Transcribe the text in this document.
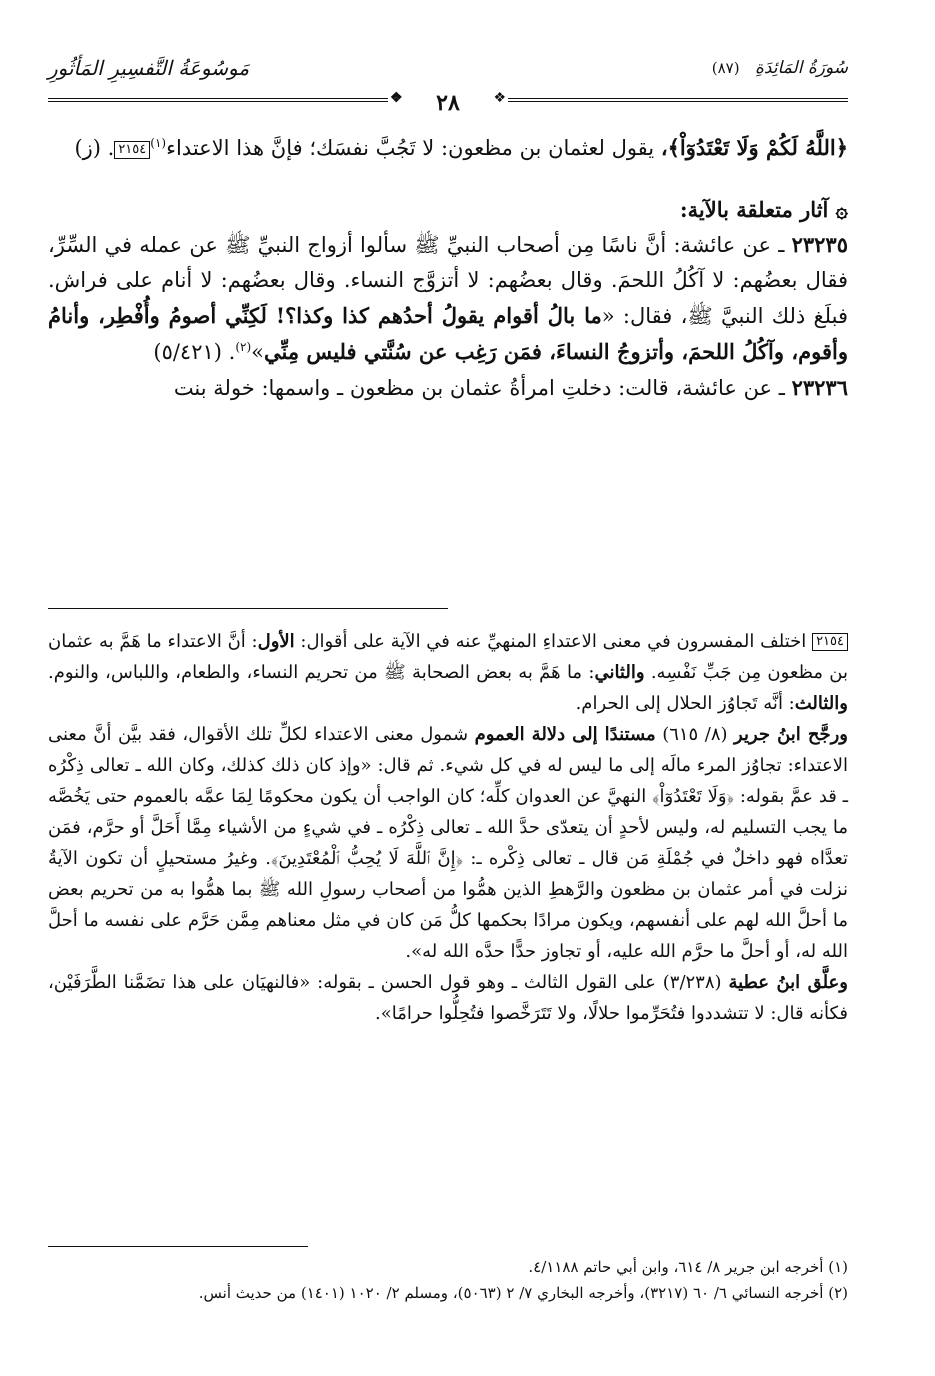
سُورَةُ المَائِدَةِ (٨٧)
مَوسُوعَةُ التَّفسِيرِ المَأثُورِ
❖
٢٨
❖

﴿اللَّهُ لَكُمْ وَلَا تَعْتَدُوٓاْ﴾، يقول لعثمان بن مظعون: لا تَجُبَّ نفسَك؛ فإنَّ هذا الاعتداء$^{(١)}$٢١٥٤. (ز)

۞ آثار متعلقة بالآية:

٢٣٢٣٥ ـ عن عائشة: أنَّ ناسًا مِن أصحاب النبيِّ ﷺ سألوا أزواج النبيِّ ﷺ عن عمله في السِّرِّ، فقال بعضُهم: لا آكُلُ اللحمَ. وقال بعضُهم: لا أتزوَّج النساء. وقال بعضُهم: لا أنام على فراش. فبلَغ ذلك النبيَّ ﷺ، فقال: «ما بالُ أقوام يقولُ أحدُهم كذا وكذا؟! لَكِنِّي أصومُ وأُفْطِر، وأنامُ وأقوم، وآكُلُ اللحمَ، وأتزوجُ النساءَ، فمَن رَغِب عن سُنَّتي فليس مِنِّي»$^{(٢)}$. (٥/٤٢١)

٢٣٢٣٦ ـ عن عائشة، قالت: دخلتِ امرأةُ عثمان بن مظعون ـ واسمها: خولة بنت

٢١٥٤ اختلف المفسرون في معنى الاعتداءِ المنهيِّ عنه في الآية على أقوال: الأول: أنَّ الاعتداء ما هَمَّ به عثمان بن مظعون مِن جَبِّ نَفْسِه. والثاني: ما هَمَّ به بعض الصحابة ﷺ من تحريم النساء، والطعام، واللباس، والنوم. والثالث: أنَّه تَجاوُز الحلال إلى الحرام.

ورجَّح ابنُ جرير (٨/ ٦١٥) مستندًا إلى دلالة العموم شمول معنى الاعتداء لكلِّ تلك الأقوال، فقد بيَّن أنَّ معنى الاعتداء: تجاوُز المرء مالَه إلى ما ليس له في كل شيء. ثم قال: «وإذ كان ذلك كذلك، وكان الله ـ تعالى ذِكْرُه ـ قد عمَّ بقوله: ﴿وَلَا تَعْتَدُوٓاْ﴾ النهيَّ عن العدوان كلِّه؛ كان الواجب أن يكون محكومًا لِمَا عمَّه بالعموم حتى يَخُصَّه ما يجب التسليم له، وليس لأحدٍ أن يتعدّى حدَّ الله ـ تعالى ذِكْرُه ـ في شيءٍ من الأشياء مِمَّا أَحَلَّ أو حرَّم، فمَن تعدَّاه فهو داخلٌ في جُمْلَةِ مَن قال ـ تعالى ذِكْره ـ: ﴿إِنَّ ٱللَّهَ لَا يُحِبُّ ٱلْمُعْتَدِينَ﴾. وغيرُ مستحيلٍ أن تكون الآيةُ نزلت في أمر عثمان بن مظعون والرَّهطِ الذين همُّوا من أصحاب رسولِ الله ﷺ بما همُّوا به من تحريم بعض ما أحلَّ الله لهم على أنفسهم، ويكون مرادًا بحكمها كلُّ مَن كان في مثل معناهم مِمَّن حَرَّم على نفسه ما أحلَّ الله له، أو أحلَّ ما حرَّم الله عليه، أو تجاوز حدًّا حدَّه الله له».

وعلَّق ابنُ عطية (٣/٢٣٨) على القول الثالث ـ وهو قول الحسن ـ بقوله: «فالنهيَان على هذا تضَمَّنا الطَّرَفَيْن، فكأنه قال: لا تتشددوا فتُحَرِّموا حلالًا، ولا تَتَرَخَّصوا فتُحِلُّوا حرامًا».

(١) أخرجه ابن جرير ٨/ ٦١٤، وابن أبي حاتم ٤/١١٨٨.

(٢) أخرجه النسائي ٦/ ٦٠ (٣٢١٧)، وأخرجه البخاري ٧/ ٢ (٥٠٦٣)، ومسلم ٢/ ١٠٢٠ (١٤٠١) من حديث أنس.
